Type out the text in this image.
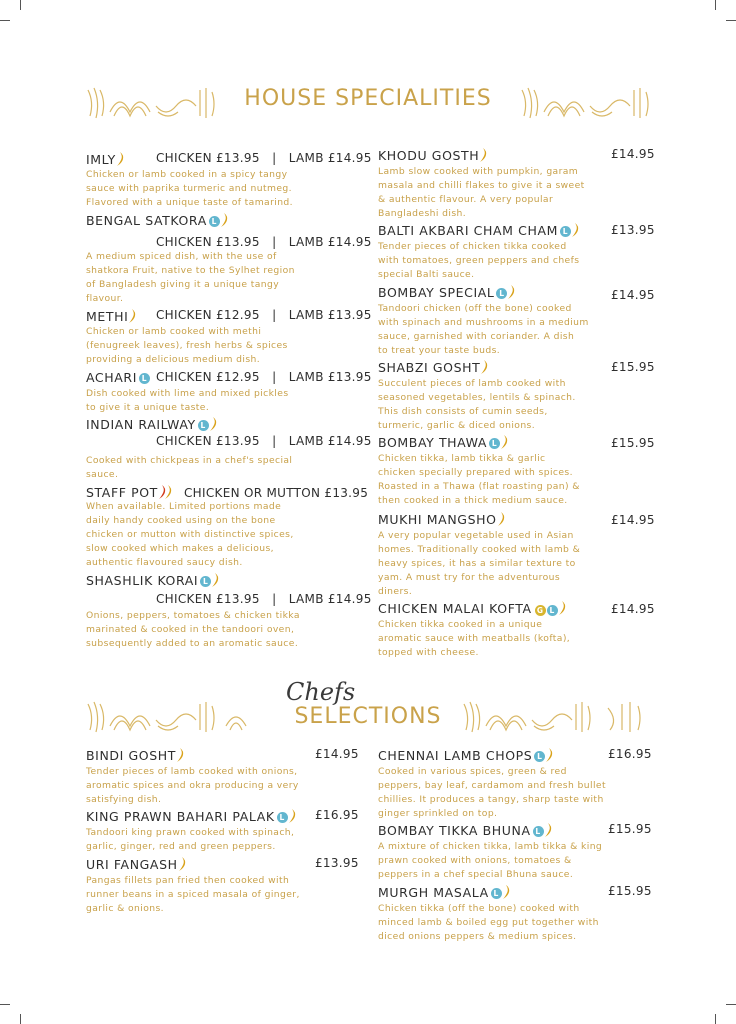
HOUSE SPECIALITIES
Chefs
SELECTIONS
IMLY	CHICKEN £13.95   |   LAMB £14.95
Chicken or lamb cooked in a spicy tangy
sauce with paprika turmeric and nutmeg.
Flavored with a unique taste of tamarind.
BENGAL SATKORA L
CHICKEN £13.95   |   LAMB £14.95
A medium spiced dish, with the use of
shatkora Fruit, native to the Sylhet region
of Bangladesh giving it a unique tangy
flavour.
METHI	CHICKEN £12.95   |   LAMB £13.95
Chicken or lamb cooked with methi
(fenugreek leaves), fresh herbs & spices
providing a delicious medium dish.
ACHARI L CHICKEN £12.95   |   LAMB £13.95
Dish cooked with lime and mixed pickles
to give it a unique taste.
INDIAN RAILWAY L
CHICKEN £13.95   |   LAMB £14.95
Cooked with chickpeas in a chef's special
sauce.
STAFF POT	CHICKEN OR MUTTON £13.95
When available. Limited portions made
daily handy cooked using on the bone
chicken or mutton with distinctive spices,
slow cooked which makes a delicious,
authentic flavoured saucy dish.
SHASHLIK KORAI L
CHICKEN £13.95   |   LAMB £14.95
Onions, peppers, tomatoes & chicken tikka
marinated & cooked in the tandoori oven,
subsequently added to an aromatic sauce.
KHODU GOSTH	£14.95
Lamb slow cooked with pumpkin, garam
masala and chilli flakes to give it a sweet
& authentic flavour. A very popular
Bangladeshi dish.
BALTI AKBARI CHAM CHAM L	£13.95
Tender pieces of chicken tikka cooked
with tomatoes, green peppers and chefs
special Balti sauce.
BOMBAY SPECIAL L	£14.95
Tandoori chicken (off the bone) cooked
with spinach and mushrooms in a medium
sauce, garnished with coriander. A dish
to treat your taste buds.
SHABZI GOSHT	£15.95
Succulent pieces of lamb cooked with
seasoned vegetables, lentils & spinach.
This dish consists of cumin seeds,
turmeric, garlic & diced onions.
BOMBAY THAWA L	£15.95
Chicken tikka, lamb tikka & garlic
chicken specially prepared with spices.
Roasted in a Thawa (flat roasting pan) &
then cooked in a thick medium sauce.
MUKHI MANGSHO	£14.95
A very popular vegetable used in Asian
homes. Traditionally cooked with lamb &
heavy spices, it has a similar texture to
yam. A must try for the adventurous
diners.
CHICKEN MALAI KOFTA G L	£14.95
Chicken tikka cooked in a unique
aromatic sauce with meatballs (kofta),
topped with cheese.
BINDI GOSHT	£14.95
Tender pieces of lamb cooked with onions,
aromatic spices and okra producing a very
satisfying dish.
KING PRAWN BAHARI PALAK L	£16.95
Tandoori king prawn cooked with spinach,
garlic, ginger, red and green peppers.
URI FANGASH	£13.95
Pangas fillets pan fried then cooked with
runner beans in a spiced masala of ginger,
garlic & onions.
CHENNAI LAMB CHOPS L	£16.95
Cooked in various spices, green & red
peppers, bay leaf, cardamom and fresh bullet
chillies. It produces a tangy, sharp taste with
ginger sprinkled on top.
BOMBAY TIKKA BHUNA L	£15.95
A mixture of chicken tikka, lamb tikka & king
prawn cooked with onions, tomatoes &
peppers in a chef special Bhuna sauce.
MURGH MASALA L	£15.95
Chicken tikka (off the bone) cooked with
minced lamb & boiled egg put together with
diced onions peppers & medium spices.
